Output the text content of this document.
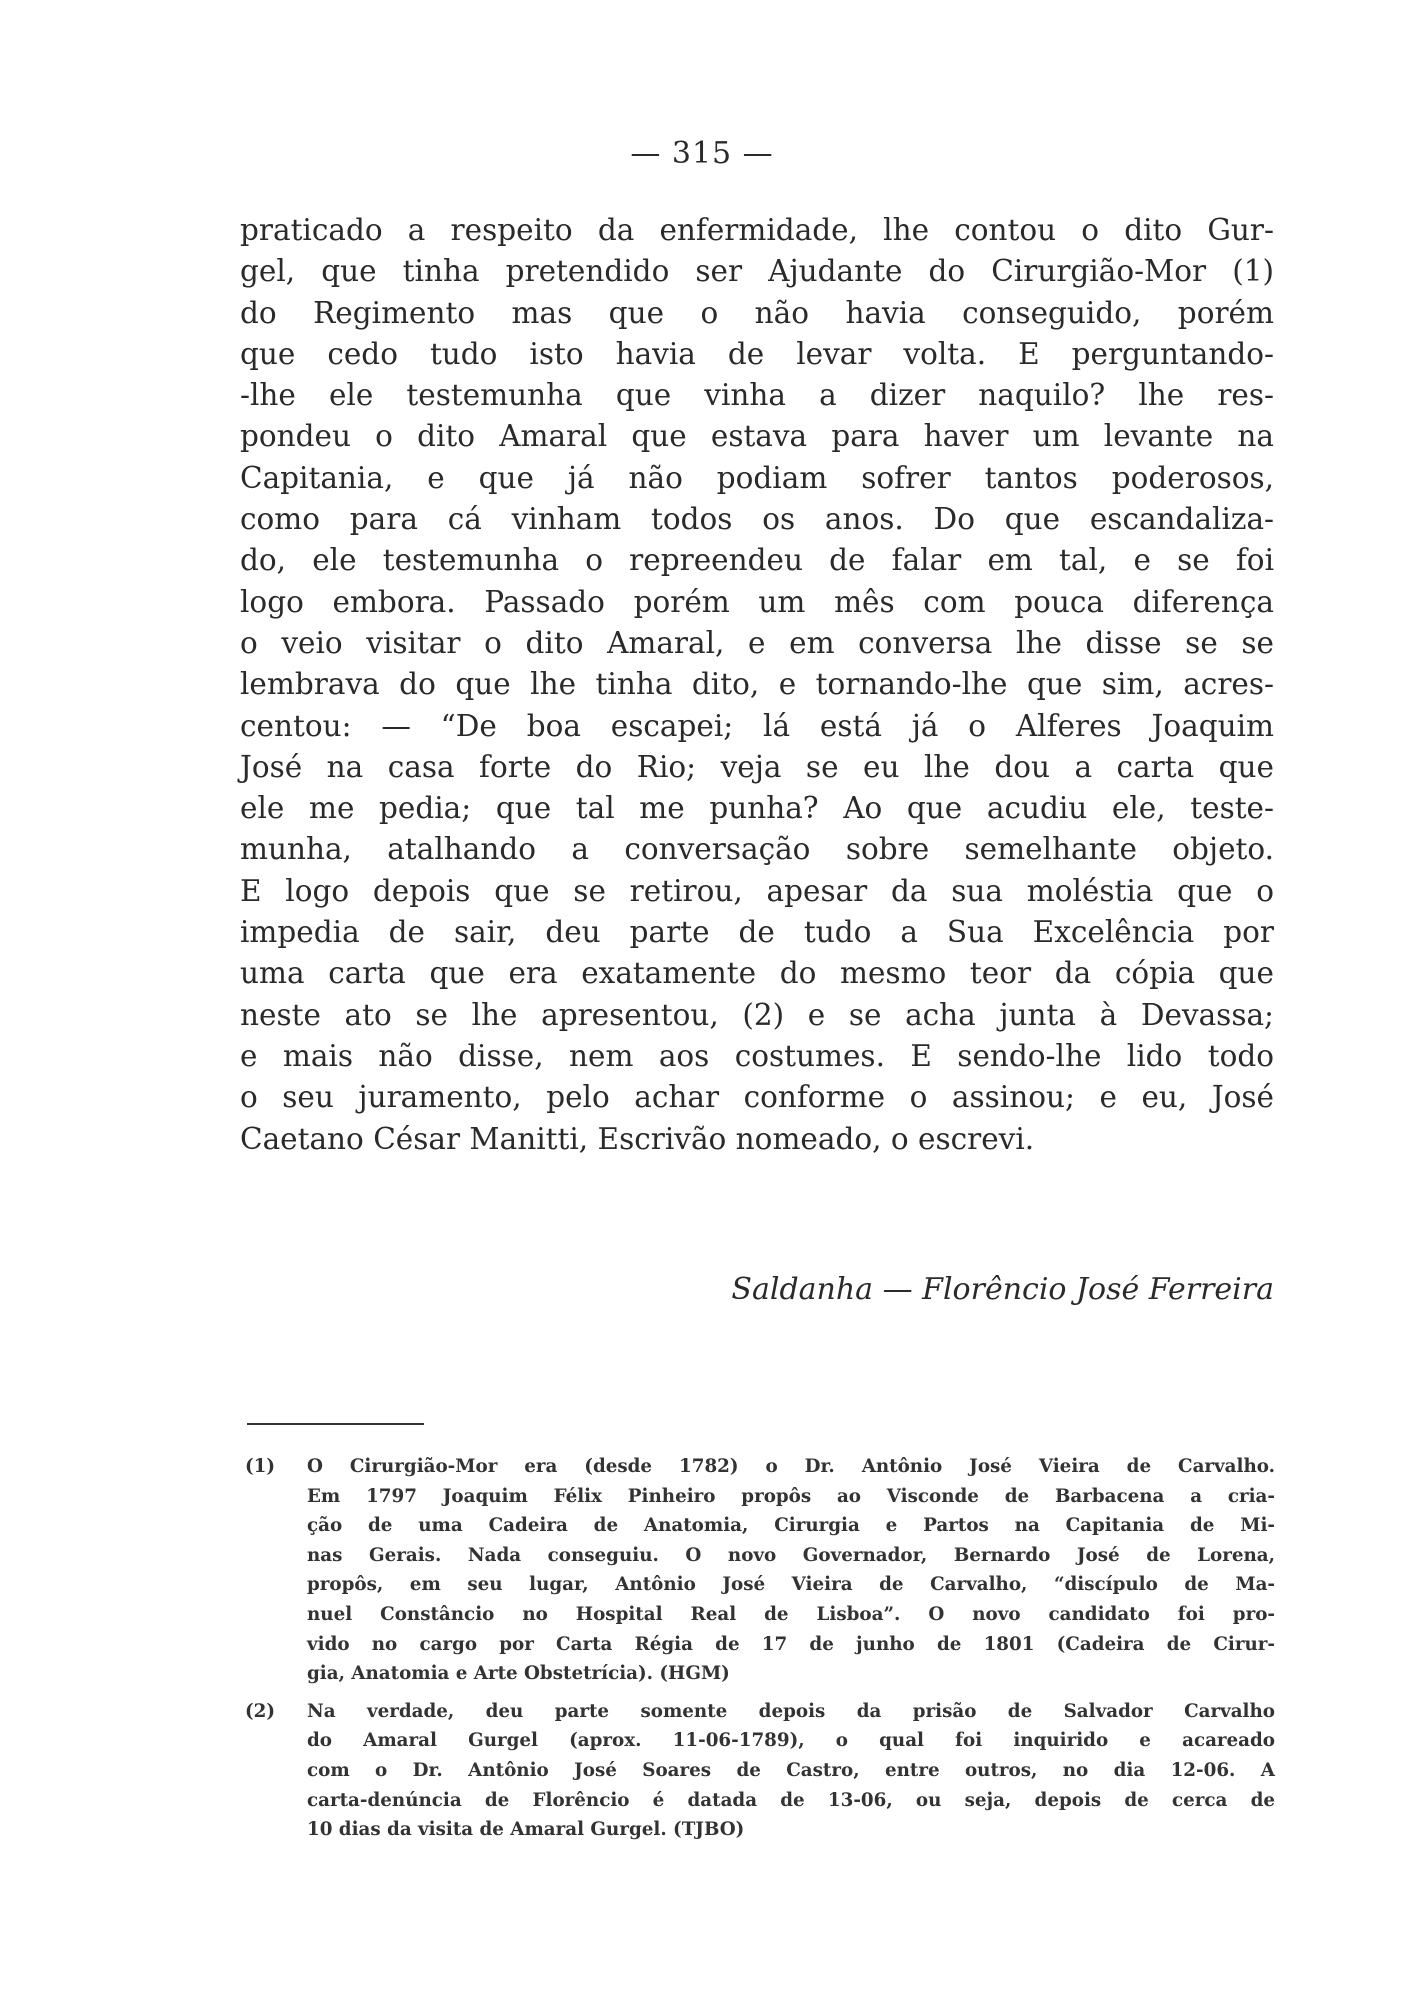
— 315 —
praticado a respeito da enfermidade, lhe contou o dito Gur-
gel, que tinha pretendido ser Ajudante do Cirurgião-Mor (1)
do Regimento mas que o não havia conseguido, porém
que cedo tudo isto havia de levar volta. E perguntando-
-lhe ele testemunha que vinha a dizer naquilo? lhe res-
pondeu o dito Amaral que estava para haver um levante na
Capitania, e que já não podiam sofrer tantos poderosos,
como para cá vinham todos os anos. Do que escandaliza-
do, ele testemunha o repreendeu de falar em tal, e se foi
logo embora. Passado porém um mês com pouca diferença
o veio visitar o dito Amaral, e em conversa lhe disse se se
lembrava do que lhe tinha dito, e tornando-lhe que sim, acres-
centou: — “De boa escapei; lá está já o Alferes Joaquim
José na casa forte do Rio; veja se eu lhe dou a carta que
ele me pedia; que tal me punha? Ao que acudiu ele, teste-
munha, atalhando a conversação sobre semelhante objeto.
E logo depois que se retirou, apesar da sua moléstia que o
impedia de sair, deu parte de tudo a Sua Excelência por
uma carta que era exatamente do mesmo teor da cópia que
neste ato se lhe apresentou, (2) e se acha junta à Devassa;
e mais não disse, nem aos costumes. E sendo-lhe lido todo
o seu juramento, pelo achar conforme o assinou; e eu, José
Caetano César Manitti, Escrivão nomeado, o escrevi.
Saldanha — Florêncio José Ferreira
(1) O Cirurgião-Mor era (desde 1782) o Dr. Antônio José Vieira de Carvalho.
Em 1797 Joaquim Félix Pinheiro propôs ao Visconde de Barbacena a cria-
ção de uma Cadeira de Anatomia, Cirurgia e Partos na Capitania de Mi-
nas Gerais. Nada conseguiu. O novo Governador, Bernardo José de Lorena,
propôs, em seu lugar, Antônio José Vieira de Carvalho, “discípulo de Ma-
nuel Constâncio no Hospital Real de Lisboa”. O novo candidato foi pro-
vido no cargo por Carta Régia de 17 de junho de 1801 (Cadeira de Cirur-
gia, Anatomia e Arte Obstetrícia). (HGM)
(2) Na verdade, deu parte somente depois da prisão de Salvador Carvalho
do Amaral Gurgel (aprox. 11-06-1789), o qual foi inquirido e acareado
com o Dr. Antônio José Soares de Castro, entre outros, no dia 12-06. A
carta-denúncia de Florêncio é datada de 13-06, ou seja, depois de cerca de
10 dias da visita de Amaral Gurgel. (TJBO)
